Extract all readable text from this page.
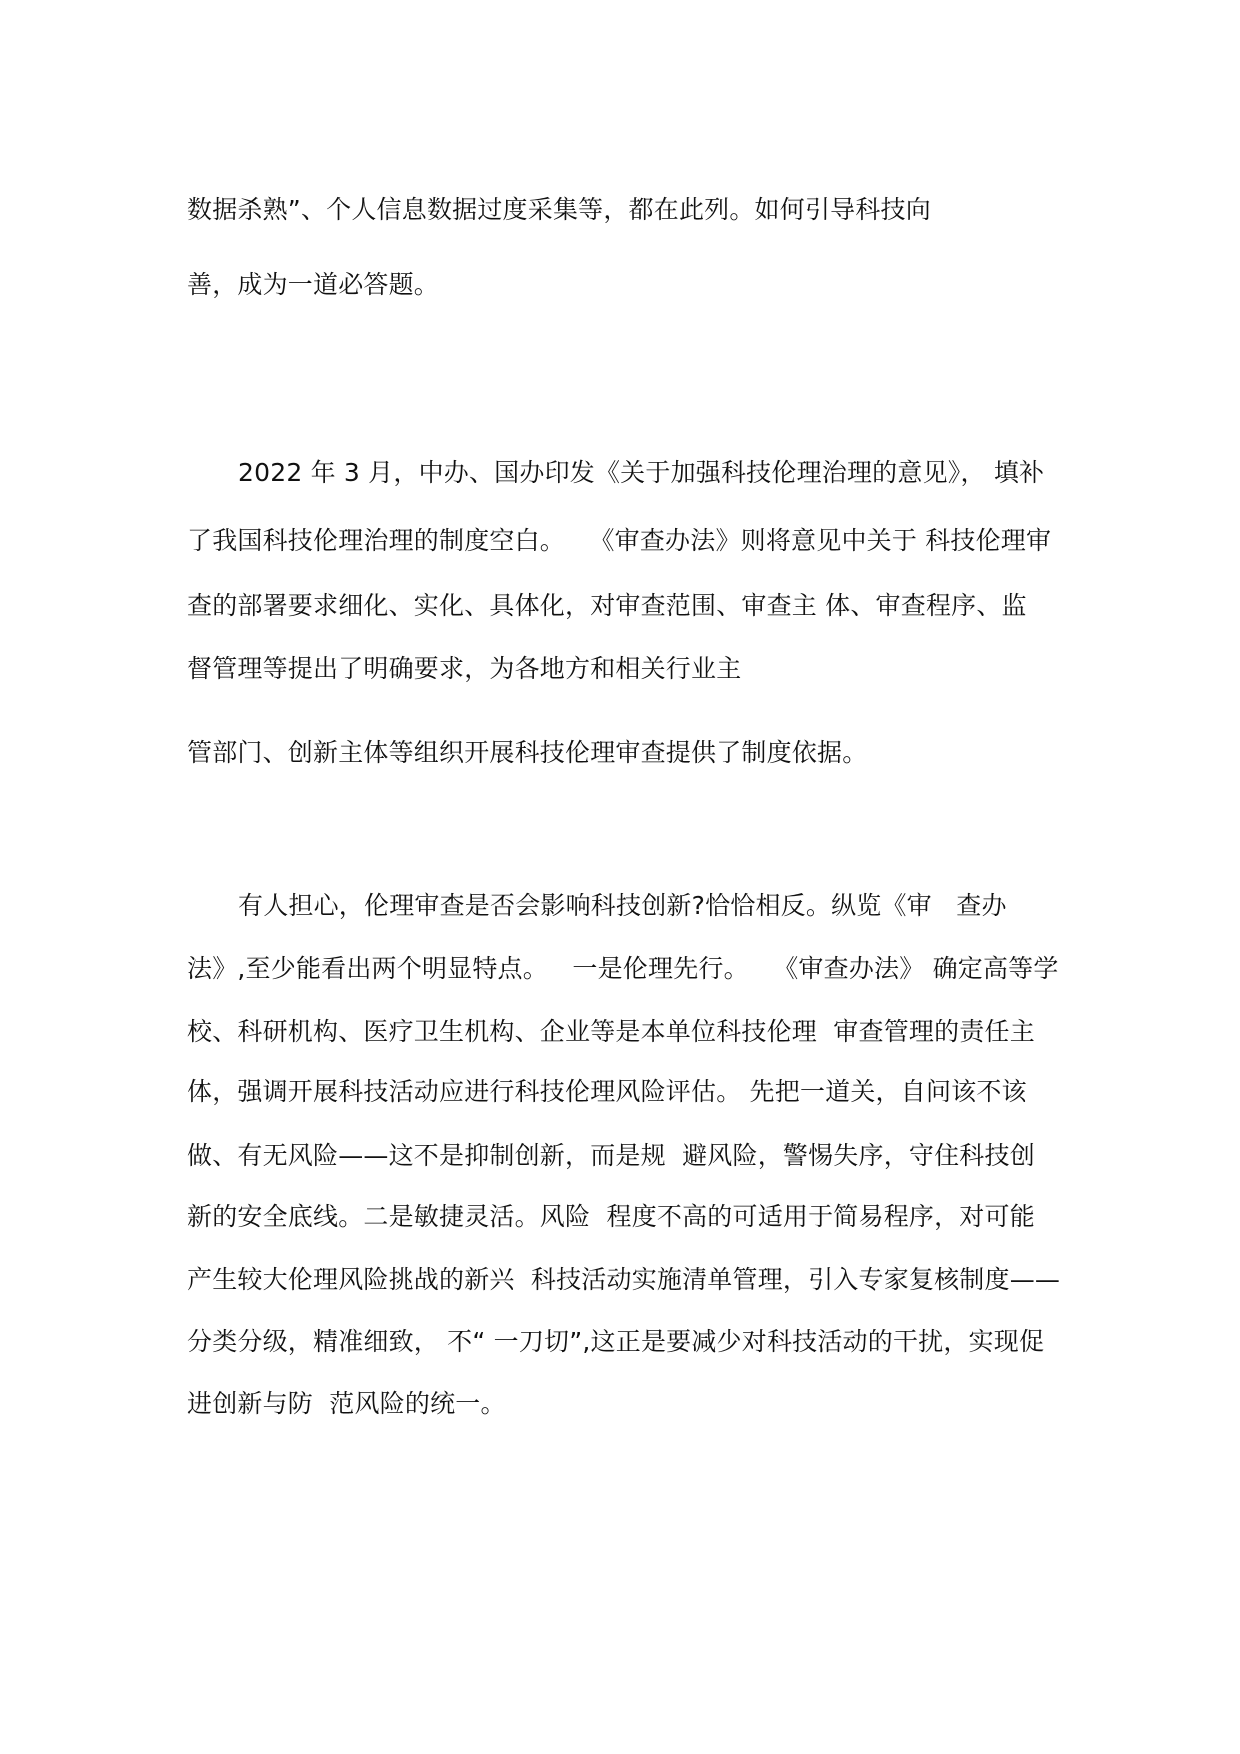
数据杀熟”、个人信息数据过度采集等，都在此列。如何引导科技向
善，成为一道必答题。
2022 年 3 月，中办、国办印发《关于加强科技伦理治理的意见》， 填补
了我国科技伦理治理的制度空白。   《审查办法》则将意见中关于 科技伦理审
查的部署要求细化、实化、具体化，对审查范围、审查主 体、审查程序、监
督管理等提出了明确要求，为各地方和相关行业主
管部门、创新主体等组织开展科技伦理审查提供了制度依据。
有人担心，伦理审查是否会影响科技创新?恰恰相反。纵览《审   查办
法》,至少能看出两个明显特点。   一是伦理先行。   《审查办法》 确定高等学
校、科研机构、医疗卫生机构、企业等是本单位科技伦理  审查管理的责任主
体，强调开展科技活动应进行科技伦理风险评估。 先把一道关，自问该不该
做、有无风险——这不是抑制创新，而是规  避风险，警惕失序，守住科技创
新的安全底线。二是敏捷灵活。风险  程度不高的可适用于简易程序，对可能
产生较大伦理风险挑战的新兴  科技活动实施清单管理，引入专家复核制度——
分类分级，精准细致， 不“ 一刀切”,这正是要减少对科技活动的干扰，实现促
进创新与防  范风险的统一。
